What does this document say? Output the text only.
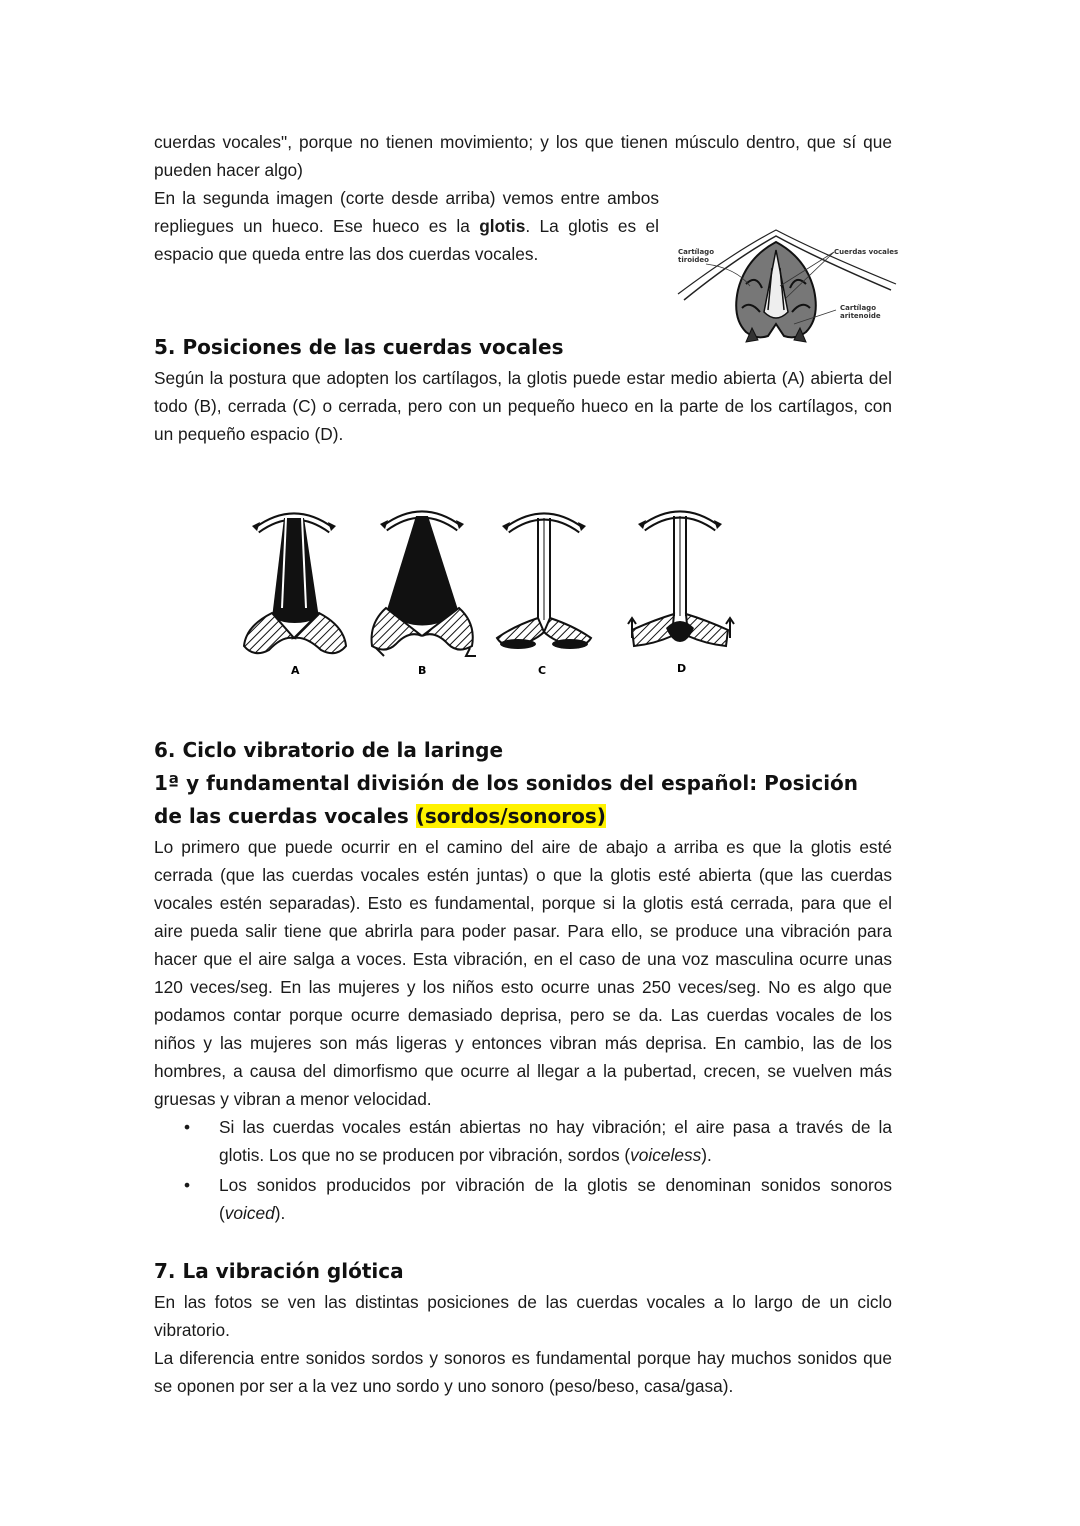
cuerdas vocales", porque no tienen movimiento; y los que tienen músculo dentro, que sí que pueden hacer algo)

En la segunda imagen (corte desde arriba) vemos entre ambos repliegues un hueco. Ese hueco es la glotis. La glotis es el espacio que queda entre las dos cuerdas vocales.

5. Posiciones de las cuerdas vocales

Según la postura que adopten los cartílagos, la glotis puede estar medio abierta (A) abierta del todo (B), cerrada (C) o cerrada, pero con un pequeño hueco en la parte de los cartílagos, con un pequeño espacio (D).

A	B	C	D
6. Ciclo vibratorio de la laringe
1ª y fundamental división de los sonidos del español: Posición de las cuerdas vocales (sordos/sonoros)

Lo primero que puede ocurrir en el camino del aire de abajo a arriba es que la glotis esté cerrada (que las cuerdas vocales estén juntas) o que la glotis esté abierta (que las cuerdas vocales estén separadas). Esto es fundamental, porque si la glotis está cerrada, para que el aire pueda salir tiene que abrirla para poder pasar. Para ello, se produce una vibración para hacer que el aire salga a voces. Esta vibración, en el caso de una voz masculina ocurre unas 120 veces/seg. En las mujeres y los niños esto ocurre unas 250 veces/seg. No es algo que podamos contar porque ocurre demasiado deprisa, pero se da. Las cuerdas vocales de los niños y las mujeres son más ligeras y entonces vibran más deprisa. En cambio, las de los hombres, a causa del dimorfismo que ocurre al llegar a la pubertad, crecen, se vuelven más gruesas y vibran a menor velocidad.

• Si las cuerdas vocales están abiertas no hay vibración; el aire pasa a través de la glotis. Los que no se producen por vibración, sordos (voiceless).
• Los sonidos producidos por vibración de la glotis se denominan sonidos sonoros (voiced).
7. La vibración glótica

En las fotos se ven las distintas posiciones de las cuerdas vocales a lo largo de un ciclo vibratorio.

La diferencia entre sonidos sordos y sonoros es fundamental porque hay muchos sonidos que se oponen por ser a la vez uno sordo y uno sonoro (peso/beso, casa/gasa).

Cartílago tiroideo
Cuerdas vocales
Cartílago aritenoide
